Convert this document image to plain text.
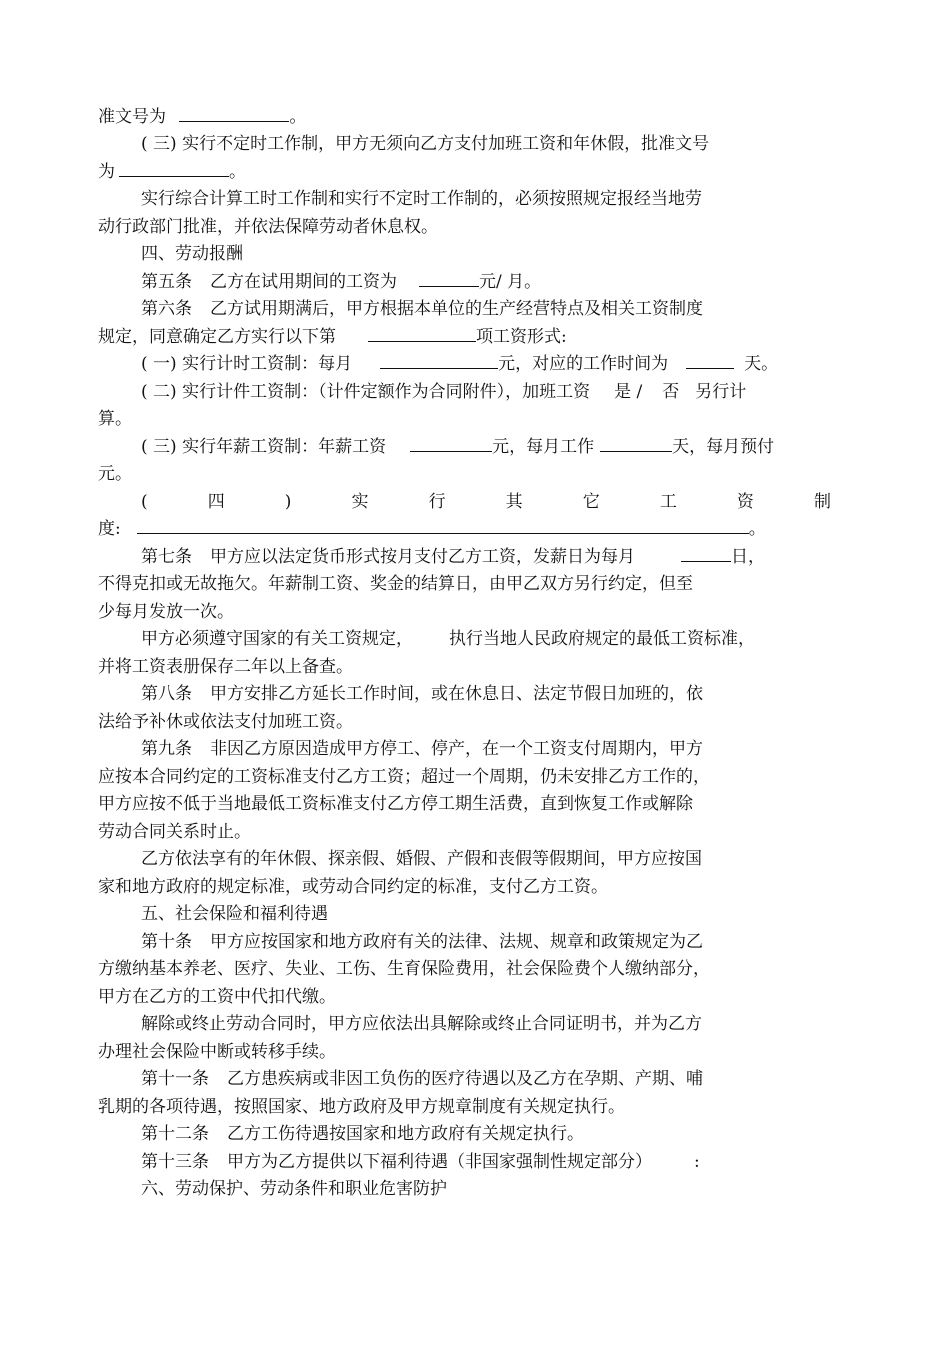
准文号为	。

( 三) 实行不定时工作制，甲方无须向乙方支付加班工资和年休假，批准文号

为	。

实行综合计算工时工作制和实行不定时工作制的，必须按照规定报经当地劳

动行政部门批准，并依法保障劳动者休息权。

四、劳动报酬

第五条 乙方在试用期间的工资为	元/ 月。

第六条 乙方试用期满后，甲方根据本单位的生产经营特点及相关工资制度

规定，同意确定乙方实行以下第	项工资形式:

( 一) 实行计时工资制：每月	元，对应的工作时间为	天。

( 二) 实行计件工资制：（计件定额作为合同附件），加班工资 是 / 否 另行计

算。

( 三) 实行年薪工资制：年薪工资	元，每月工作	天，每月预付

元。

(	四	)	实	行	其	它	工	资	制

度:	。

第七条 甲方应以法定货币形式按月支付乙方工资，发薪日为每月	日，

不得克扣或无故拖欠。年薪制工资、奖金的结算日，由甲乙双方另行约定，但至

少每月发放一次。

甲方必须遵守国家的有关工资规定， 执行当地人民政府规定的最低工资标准，

并将工资表册保存二年以上备查。

第八条 甲方安排乙方延长工作时间，或在休息日、法定节假日加班的，依

法给予补休或依法支付加班工资。

第九条 非因乙方原因造成甲方停工、停产，在一个工资支付周期内，甲方

应按本合同约定的工资标准支付乙方工资；超过一个周期，仍未安排乙方工作的，

甲方应按不低于当地最低工资标准支付乙方停工期生活费，直到恢复工作或解除

劳动合同关系时止。

乙方依法享有的年休假、探亲假、婚假、产假和丧假等假期间，甲方应按国

家和地方政府的规定标准，或劳动合同约定的标准，支付乙方工资。

五、社会保险和福利待遇

第十条 甲方应按国家和地方政府有关的法律、法规、规章和政策规定为乙

方缴纳基本养老、医疗、失业、工伤、生育保险费用，社会保险费个人缴纳部分，

甲方在乙方的工资中代扣代缴。

解除或终止劳动合同时，甲方应依法出具解除或终止合同证明书，并为乙方

办理社会保险中断或转移手续。

第十一条 乙方患疾病或非因工负伤的医疗待遇以及乙方在孕期、产期、哺

乳期的各项待遇，按照国家、地方政府及甲方规章制度有关规定执行。

第十二条 乙方工伤待遇按国家和地方政府有关规定执行。

第十三条 甲方为乙方提供以下福利待遇（非国家强制性规定部分） :

六、劳动保护、劳动条件和职业危害防护
